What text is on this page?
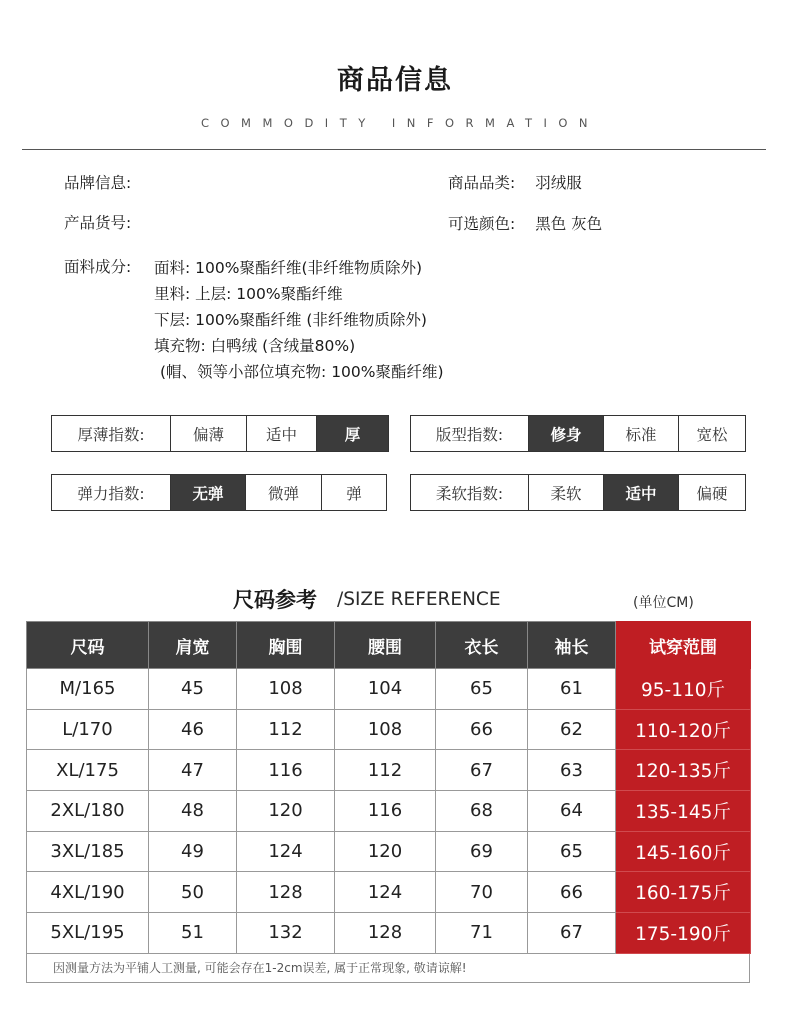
商品信息
COMMODITY INFORMATION
品牌信息:
产品货号:
商品品类: 羽绒服
可选颜色: 黑色 灰色
面料成分: 面料: 100%聚酯纤维(非纤维物质除外)
里料: 上层: 100%聚酯纤维
下层: 100%聚酯纤维 (非纤维物质除外)
填充物: 白鸭绒 (含绒量80%)
(帽、领等小部位填充物: 100%聚酯纤维)
厚薄指数:	偏薄	适中	厚	版型指数:	修身	标准	宽松
弹力指数:	无弹	微弹	弹	柔软指数:	柔软	适中	偏硬
尺码参考 /SIZE REFERENCE	(单位CM)
尺码	肩宽	胸围	腰围	衣长	袖长	试穿范围
M/165	45	108	104	65	61	95-110斤
L/170	46	112	108	66	62	110-120斤
XL/175	47	116	112	67	63	120-135斤
2XL/180	48	120	116	68	64	135-145斤
3XL/185	49	124	120	69	65	145-160斤
4XL/190	50	128	124	70	66	160-175斤
5XL/195	51	132	128	71	67	175-190斤
因测量方法为平铺人工测量, 可能会存在1-2cm误差, 属于正常现象, 敬请谅解!
